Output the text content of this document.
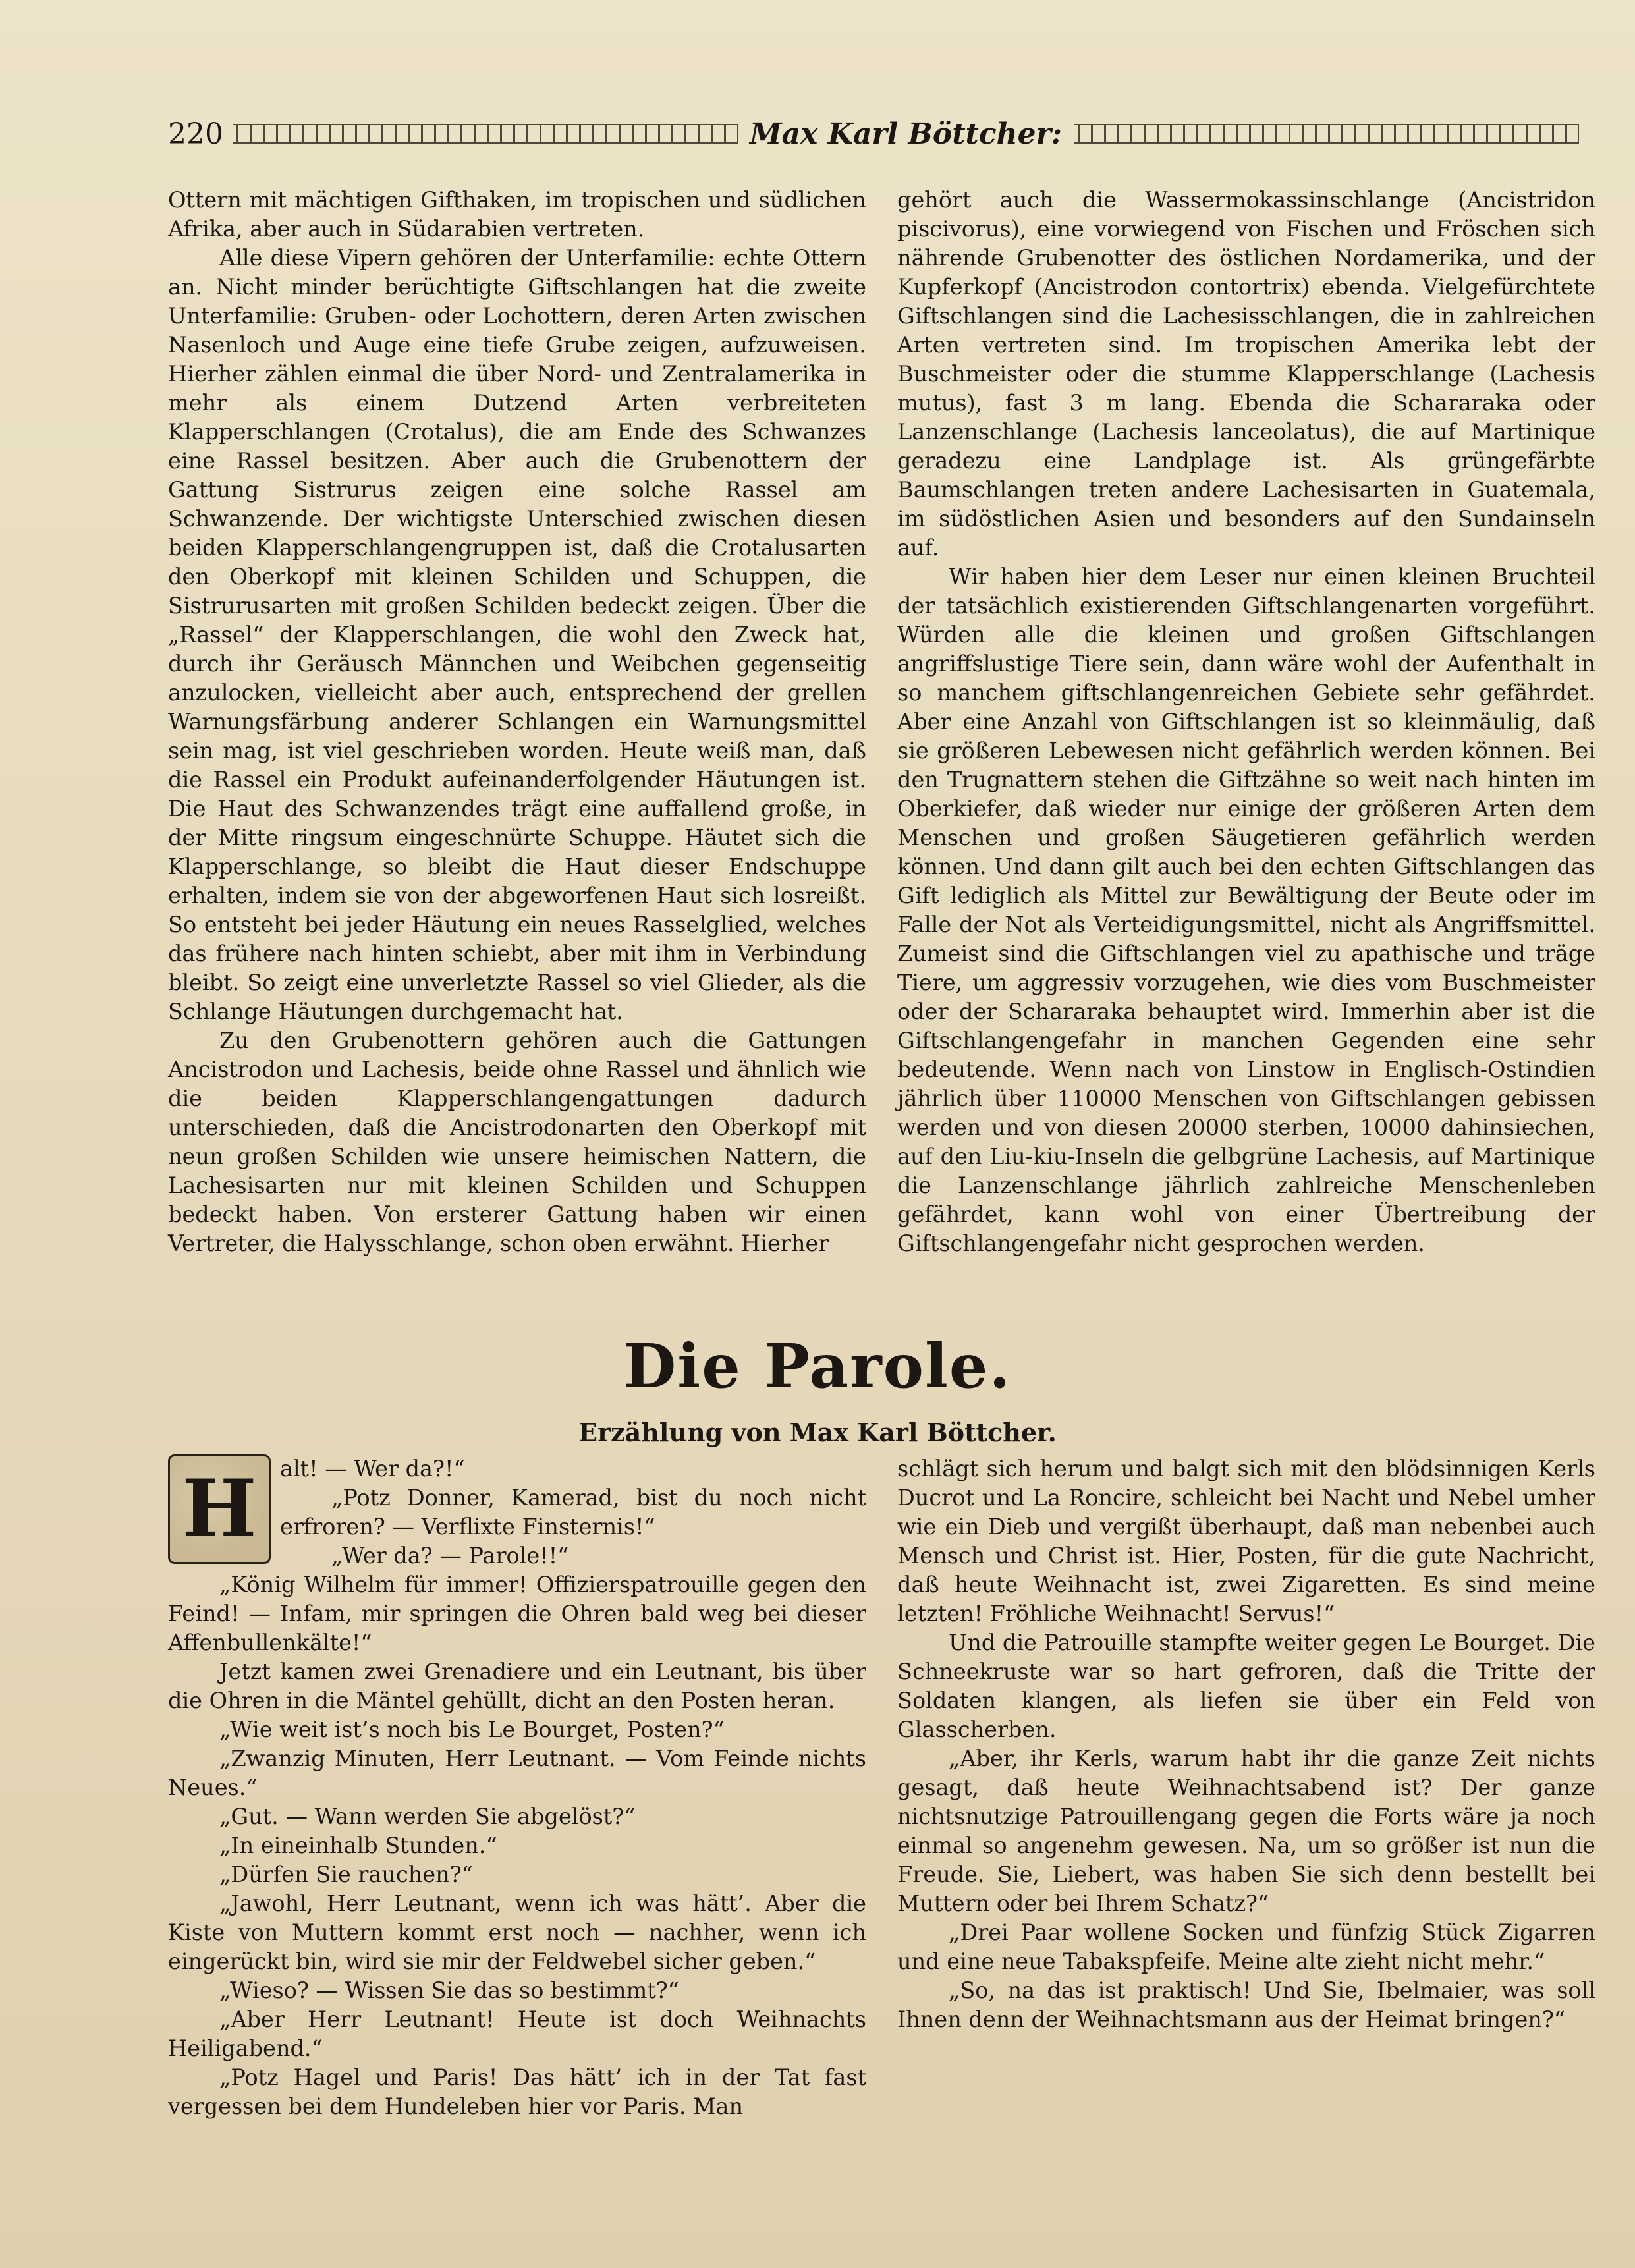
220	Max Karl Böttcher:

Ottern mit mächtigen Gifthaken, im tropischen und südlichen Afrika, aber auch in Südarabien vertreten.

Alle diese Vipern gehören der Unterfamilie: echte Ottern an. Nicht minder berüchtigte Giftschlangen hat die zweite Unterfamilie: Gruben- oder Lochottern, deren Arten zwischen Nasenloch und Auge eine tiefe Grube zeigen, aufzuweisen. Hierher zählen einmal die über Nord- und Zentralamerika in mehr als einem Dutzend Arten verbreiteten Klapperschlangen (Crotalus), die am Ende des Schwanzes eine Rassel besitzen. Aber auch die Grubenottern der Gattung Sistrurus zeigen eine solche Rassel am Schwanzende. Der wichtigste Unterschied zwischen diesen beiden Klapperschlangengruppen ist, daß die Crotalusarten den Oberkopf mit kleinen Schilden und Schuppen, die Sistrurusarten mit großen Schilden bedeckt zeigen. Über die „Rassel“ der Klapperschlangen, die wohl den Zweck hat, durch ihr Geräusch Männchen und Weibchen gegenseitig anzulocken, vielleicht aber auch, entsprechend der grellen Warnungsfärbung anderer Schlangen ein Warnungsmittel sein mag, ist viel geschrieben worden. Heute weiß man, daß die Rassel ein Produkt aufeinanderfolgender Häutungen ist. Die Haut des Schwanzendes trägt eine auffallend große, in der Mitte ringsum eingeschnürte Schuppe. Häutet sich die Klapperschlange, so bleibt die Haut dieser Endschuppe erhalten, indem sie von der abgeworfenen Haut sich losreißt. So entsteht bei jeder Häutung ein neues Rasselglied, welches das frühere nach hinten schiebt, aber mit ihm in Verbindung bleibt. So zeigt eine unverletzte Rassel so viel Glieder, als die Schlange Häutungen durchgemacht hat.

Zu den Grubenottern gehören auch die Gattungen Ancistrodon und Lachesis, beide ohne Rassel und ähnlich wie die beiden Klapperschlangengattungen dadurch unterschieden, daß die Ancistrodonarten den Oberkopf mit neun großen Schilden wie unsere heimischen Nattern, die Lachesisarten nur mit kleinen Schilden und Schuppen bedeckt haben. Von ersterer Gattung haben wir einen Vertreter, die Halysschlange, schon oben erwähnt. Hierher

gehört auch die Wassermokassinschlange (Ancistridon piscivorus), eine vorwiegend von Fischen und Fröschen sich nährende Grubenotter des östlichen Nordamerika, und der Kupferkopf (Ancistrodon contortrix) ebenda. Vielgefürchtete Giftschlangen sind die Lachesisschlangen, die in zahlreichen Arten vertreten sind. Im tropischen Amerika lebt der Buschmeister oder die stumme Klapperschlange (Lachesis mutus), fast 3 m lang. Ebenda die Schararaka oder Lanzenschlange (Lachesis lanceolatus), die auf Martinique geradezu eine Landplage ist. Als grüngefärbte Baumschlangen treten andere Lachesisarten in Guatemala, im südöstlichen Asien und besonders auf den Sundainseln auf.

Wir haben hier dem Leser nur einen kleinen Bruchteil der tatsächlich existierenden Giftschlangenarten vorgeführt. Würden alle die kleinen und großen Giftschlangen angriffslustige Tiere sein, dann wäre wohl der Aufenthalt in so manchem giftschlangenreichen Gebiete sehr gefährdet. Aber eine Anzahl von Giftschlangen ist so kleinmäulig, daß sie größeren Lebewesen nicht gefährlich werden können. Bei den Trugnattern stehen die Giftzähne so weit nach hinten im Oberkiefer, daß wieder nur einige der größeren Arten dem Menschen und großen Säugetieren gefährlich werden können. Und dann gilt auch bei den echten Giftschlangen das Gift lediglich als Mittel zur Bewältigung der Beute oder im Falle der Not als Verteidigungsmittel, nicht als Angriffsmittel. Zumeist sind die Giftschlangen viel zu apathische und träge Tiere, um aggressiv vorzugehen, wie dies vom Buschmeister oder der Schararaka behauptet wird. Immerhin aber ist die Giftschlangengefahr in manchen Gegenden eine sehr bedeutende. Wenn nach von Linstow in Englisch-Ostindien jährlich über 110000 Menschen von Giftschlangen gebissen werden und von diesen 20000 sterben, 10000 dahinsiechen, auf den Liu-kiu-Inseln die gelbgrüne Lachesis, auf Martinique die Lanzenschlange jährlich zahlreiche Menschenleben gefährdet, kann wohl von einer Übertreibung der Giftschlangengefahr nicht gesprochen werden.

Die Parole.
Erzählung von Max Karl Böttcher.

H	alt! — Wer da?!“

„Potz Donner, Kamerad, bist du noch nicht erfroren? — Verflixte Finsternis!“

„Wer da? — Parole!!“

„König Wilhelm für immer! Offizierspatrouille gegen den Feind! — Infam, mir springen die Ohren bald weg bei dieser Affenbullenkälte!“

Jetzt kamen zwei Grenadiere und ein Leutnant, bis über die Ohren in die Mäntel gehüllt, dicht an den Posten heran.

„Wie weit ist’s noch bis Le Bourget, Posten?“

„Zwanzig Minuten, Herr Leutnant. — Vom Feinde nichts Neues.“

„Gut. — Wann werden Sie abgelöst?“

„In eineinhalb Stunden.“

„Dürfen Sie rauchen?“

„Jawohl, Herr Leutnant, wenn ich was hätt’. Aber die Kiste von Muttern kommt erst noch — nachher, wenn ich eingerückt bin, wird sie mir der Feldwebel sicher geben.“

„Wieso? — Wissen Sie das so bestimmt?“

„Aber Herr Leutnant! Heute ist doch Weihnachts Heiligabend.“

„Potz Hagel und Paris! Das hätt’ ich in der Tat fast vergessen bei dem Hundeleben hier vor Paris. Man

schlägt sich herum und balgt sich mit den blödsinnigen Kerls Ducrot und La Roncire, schleicht bei Nacht und Nebel umher wie ein Dieb und vergißt überhaupt, daß man nebenbei auch Mensch und Christ ist. Hier, Posten, für die gute Nachricht, daß heute Weihnacht ist, zwei Zigaretten. Es sind meine letzten! Fröhliche Weihnacht! Servus!“

Und die Patrouille stampfte weiter gegen Le Bourget. Die Schneekruste war so hart gefroren, daß die Tritte der Soldaten klangen, als liefen sie über ein Feld von Glasscherben.

„Aber, ihr Kerls, warum habt ihr die ganze Zeit nichts gesagt, daß heute Weihnachtsabend ist? Der ganze nichtsnutzige Patrouillengang gegen die Forts wäre ja noch einmal so angenehm gewesen. Na, um so größer ist nun die Freude. Sie, Liebert, was haben Sie sich denn bestellt bei Muttern oder bei Ihrem Schatz?“

„Drei Paar wollene Socken und fünfzig Stück Zigarren und eine neue Tabakspfeife. Meine alte zieht nicht mehr.“

„So, na das ist praktisch! Und Sie, Ibelmaier, was soll Ihnen denn der Weihnachtsmann aus der Heimat bringen?“
